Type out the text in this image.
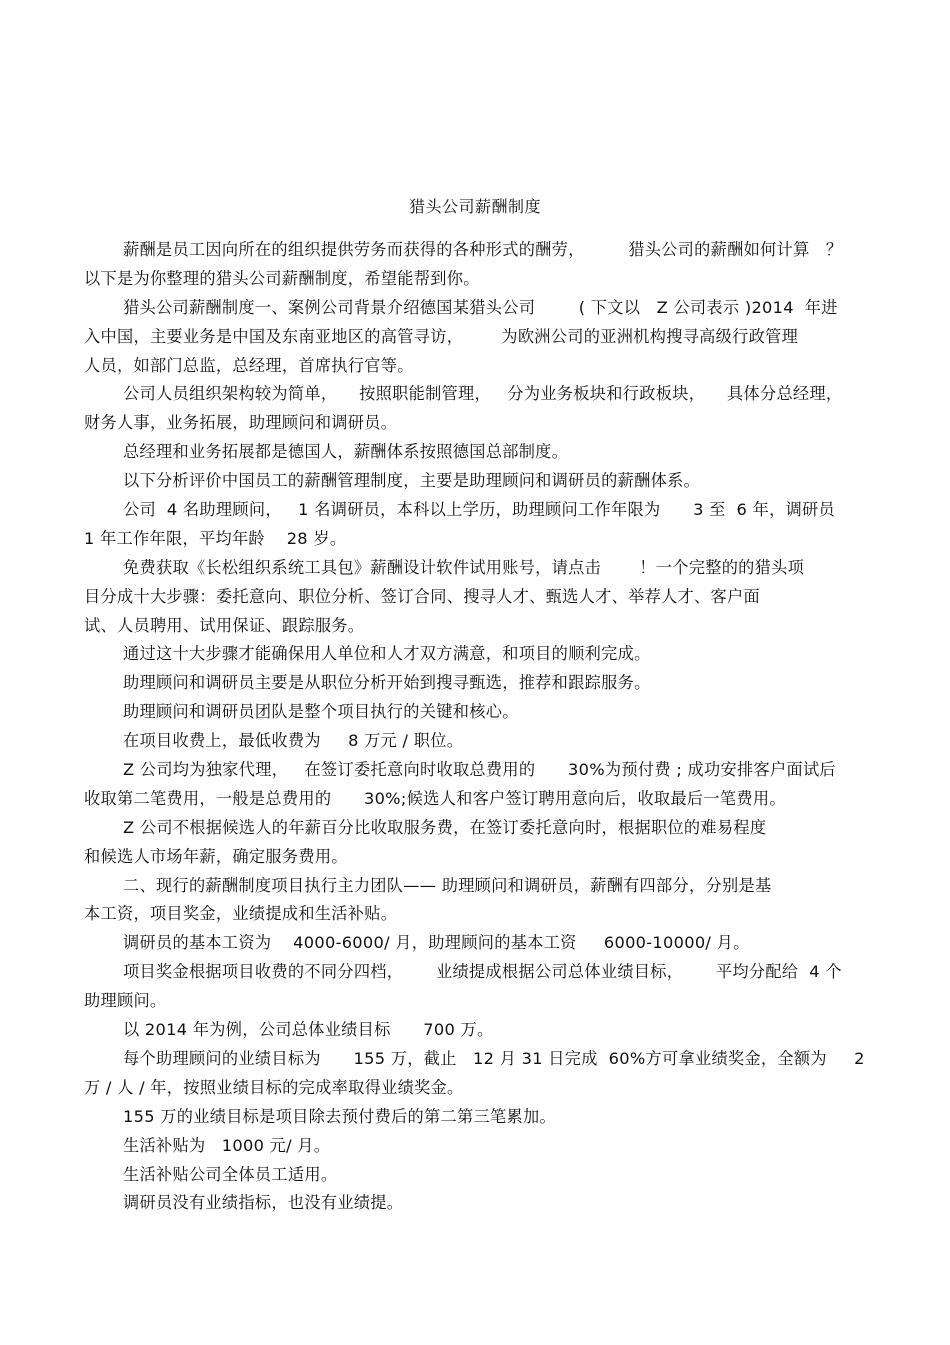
猎头公司薪酬制度
薪酬是员工因向所在的组织提供劳务而获得的各种形式的酬劳，        猎头公司的薪酬如何计算   ？
以下是为你整理的猎头公司薪酬制度，希望能帮到你。
猎头公司薪酬制度一、案例公司背景介绍德国某猎头公司        ( 下文以   Z 公司表示 )2014  年进
入中国，主要业务是中国及东南亚地区的高管寻访，       为欧洲公司的亚洲机构搜寻高级行政管理
人员，如部门总监，总经理，首席执行官等。
公司人员组织架构较为简单，    按照职能制管理，   分为业务板块和行政板块，    具体分总经理，
财务人事，业务拓展，助理顾问和调研员。
总经理和业务拓展都是德国人，薪酬体系按照德国总部制度。
以下分析评价中国员工的薪酬管理制度，主要是助理顾问和调研员的薪酬体系。
公司  4 名助理顾问，   1 名调研员，本科以上学历，助理顾问工作年限为      3 至  6 年，调研员
1 年工作年限，平均年龄    28 岁。
免费获取《长松组织系统工具包》薪酬设计软件试用账号，请点击       ！一个完整的的猎头项
目分成十大步骤：委托意向、职位分析、签订合同、搜寻人才、甄选人才、举荐人才、客户面
试、人员聘用、试用保证、跟踪服务。
通过这十大步骤才能确保用人单位和人才双方满意，和项目的顺利完成。
助理顾问和调研员主要是从职位分析开始到搜寻甄选，推荐和跟踪服务。
助理顾问和调研员团队是整个项目执行的关键和核心。
在项目收费上，最低收费为     8 万元 / 职位。
Z 公司均为独家代理，   在签订委托意向时收取总费用的      30%为预付费 ; 成功安排客户面试后
收取第二笔费用，一般是总费用的      30%;候选人和客户签订聘用意向后，收取最后一笔费用。
Z 公司不根据候选人的年薪百分比收取服务费，在签订委托意向时，根据职位的难易程度
和候选人市场年薪，确定服务费用。
二、现行的薪酬制度项目执行主力团队—— 助理顾问和调研员，薪酬有四部分，分别是基
本工资，项目奖金，业绩提成和生活补贴。
调研员的基本工资为    4000-6000/ 月，助理顾问的基本工资     6000-10000/ 月。
项目奖金根据项目收费的不同分四档，      业绩提成根据公司总体业绩目标，      平均分配给  4 个
助理顾问。
以 2014 年为例，公司总体业绩目标      700 万。
每个助理顾问的业绩目标为      155 万，截止   12 月 31 日完成  60%方可拿业绩奖金，全额为     2
万 / 人 / 年，按照业绩目标的完成率取得业绩奖金。
155 万的业绩目标是项目除去预付费后的第二第三笔累加。
生活补贴为   1000 元/ 月。
生活补贴公司全体员工适用。
调研员没有业绩指标，也没有业绩提。
